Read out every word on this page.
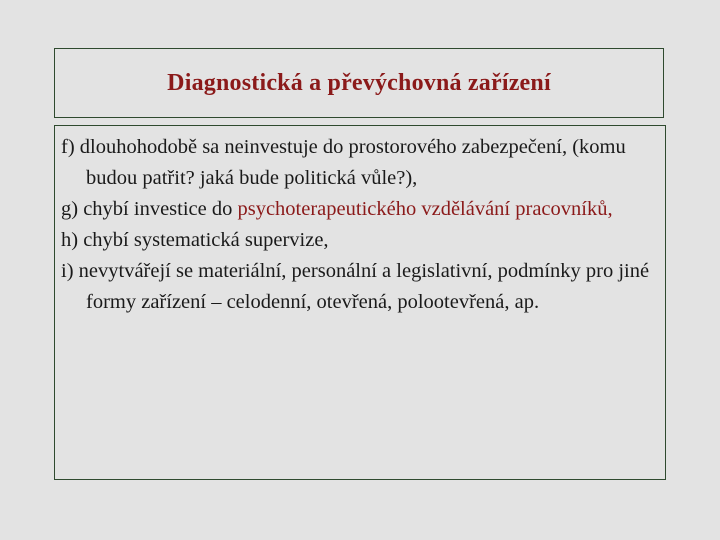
Diagnostická a převýchovná zařízení

f) dlouhohodobě sa neinvestuje do prostorového zabezpečení, (komu budou patřit? jaká bude politická vůle?),

g) chybí investice do psychoterapeutického vzdělávání pracovníků,

h) chybí systematická supervize,

i) nevytvářejí se materiální, personální a legislativní, podmínky pro jiné formy zařízení – celodenní, otevřená, polootevřená, ap.
